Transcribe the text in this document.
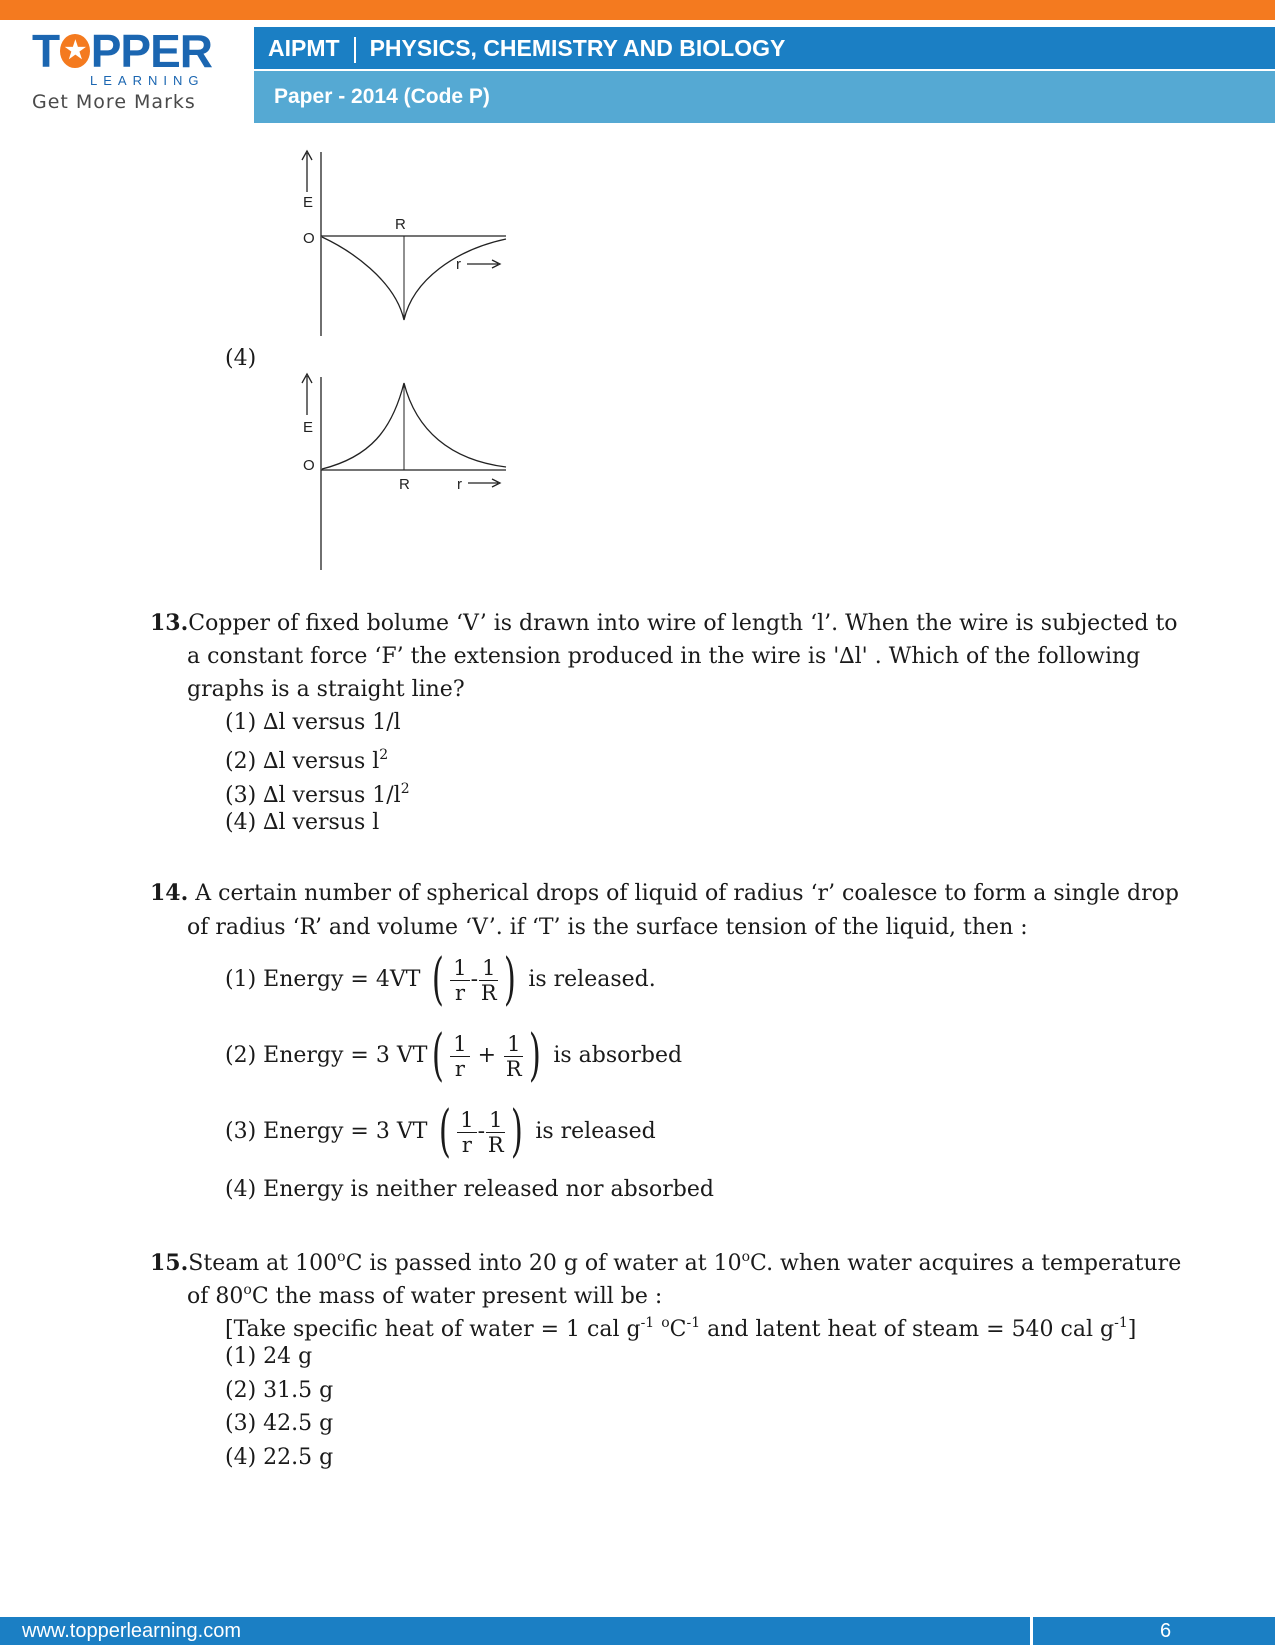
T ★ PPER
LEARNING
Get More Marks
AIPMT PHYSICS, CHEMISTRY AND BIOLOGY
Paper - 2014 (Code P)
E
O
R
r
(4)
E
O
R	r
13.Copper of fixed bolume ‘V’ is drawn into wire of length ‘l’. When the wire is subjected to
a constant force ‘F’ the extension produced in the wire is '∆l' . Which of the following
graphs is a straight line?
(1) ∆l versus 1/l
(2) ∆l versus $l^2$
(3) ∆l versus $1/l^2$
(4) ∆l versus l
14. A certain number of spherical drops of liquid of radius ‘r’ coalesce to form a single drop
of radius ‘R’ and volume ‘V’. if ‘T’ is the surface tension of the liquid, then :
(1) Energy = 4VT ( $\frac{1}{r} - \frac{1}{R}$ ) is released.
(2) Energy = 3 $VT( \frac{1}{r} + \frac{1}{R}$ ) is absorbed
(3) Energy = 3 VT ( $\frac{1}{r} - \frac{1}{R}$ ) is released
(4) Energy is neither released nor absorbed
15.Steam at 100$^o$C is passed into 20 g of water at 10$^o$C. when water acquires a temperature
of 80$^o$C the mass of water present will be :
[Take specific heat of water = 1 cal $g^{-1}$ $^oC^{-1}$ and latent heat of steam = 540 cal $g^{-1}$]
(1) 24 g
(2) 31.5 g
(3) 42.5 g
(4) 22.5 g
www.topperlearning.com	6
